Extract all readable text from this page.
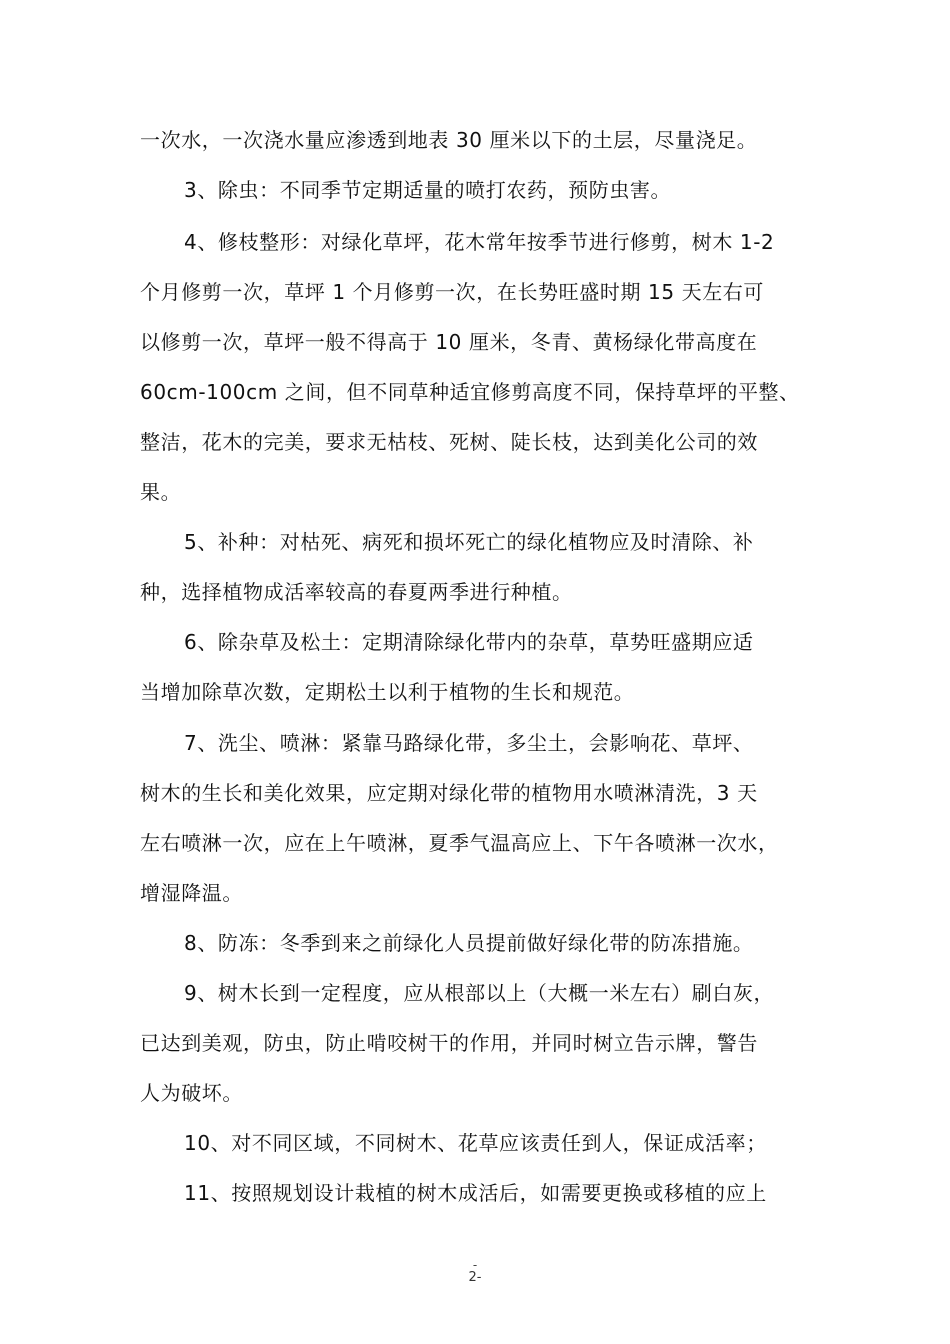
一次水，一次浇水量应渗透到地表 30 厘米以下的土层，尽量浇足。
3、除虫：不同季节定期适量的喷打农药，预防虫害。
4、修枝整形：对绿化草坪，花木常年按季节进行修剪，树木 1-2
个月修剪一次，草坪 1 个月修剪一次，在长势旺盛时期 15 天左右可
以修剪一次，草坪一般不得高于 10 厘米，冬青、黄杨绿化带高度在
60cm-100cm 之间，但不同草种适宜修剪高度不同，保持草坪的平整、
整洁，花木的完美，要求无枯枝、死树、陡长枝，达到美化公司的效
果。
5、补种：对枯死、病死和损坏死亡的绿化植物应及时清除、补
种，选择植物成活率较高的春夏两季进行种植。
6、除杂草及松土：定期清除绿化带内的杂草，草势旺盛期应适
当增加除草次数，定期松土以利于植物的生长和规范。
7、洗尘、喷淋：紧靠马路绿化带，多尘土，会影响花、草坪、
树木的生长和美化效果，应定期对绿化带的植物用水喷淋清洗，3 天
左右喷淋一次，应在上午喷淋，夏季气温高应上、下午各喷淋一次水，
增湿降温。
8、防冻：冬季到来之前绿化人员提前做好绿化带的防冻措施。
9、树木长到一定程度，应从根部以上（大概一米左右）刷白灰，
已达到美观，防虫，防止啃咬树干的作用，并同时树立告示牌，警告
人为破坏。
10、对不同区域，不同树木、花草应该责任到人，保证成活率；
11、按照规划设计栽植的树木成活后，如需要更换或移植的应上
-
2-
